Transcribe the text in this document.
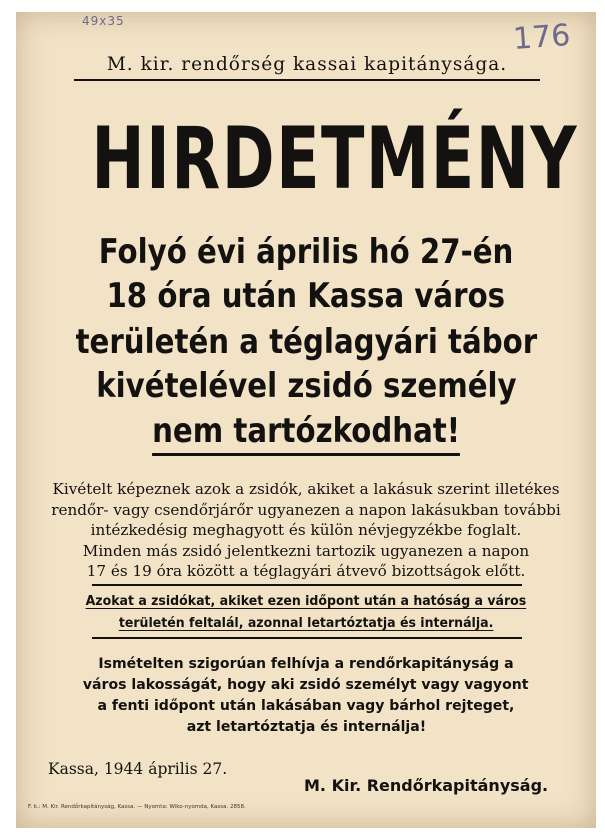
49x35	176
M. kir. rendőrség kassai kapitánysága.
HIRDETMÉNY
Folyó évi április hó 27-én
18 óra után Kassa város
területén a téglagyári tábor
kivételével zsidó személy
nem tartózkodhat!
Kivételt képeznek azok a zsidók, akiket a lakásuk szerint illetékes
rendőr- vagy csendőrjárőr ugyanezen a napon lakásukban további
intézkedésig meghagyott és külön névjegyzékbe foglalt.
Minden más zsidó jelentkezni tartozik ugyanezen a napon
17 és 19 óra között a téglagyári átvevő bizottságok előtt.
Azokat a zsidókat, akiket ezen időpont után a hatóság a város
területén feltalál, azonnal letartóztatja és internálja.
Ismételten szigorúan felhívja a rendőrkapitányság a
város lakosságát, hogy aki zsidó személyt vagy vagyont
a fenti időpont után lakásában vagy bárhol rejteget,
azt letartóztatja és internálja!
Kassa, 1944 április 27.
M. Kir. Rendőrkapitányság.
F. k.: M. Kir. Rendőrkapitányság, Kassa. — Nyomta: Wiko-nyomda, Kassa. 2858.
